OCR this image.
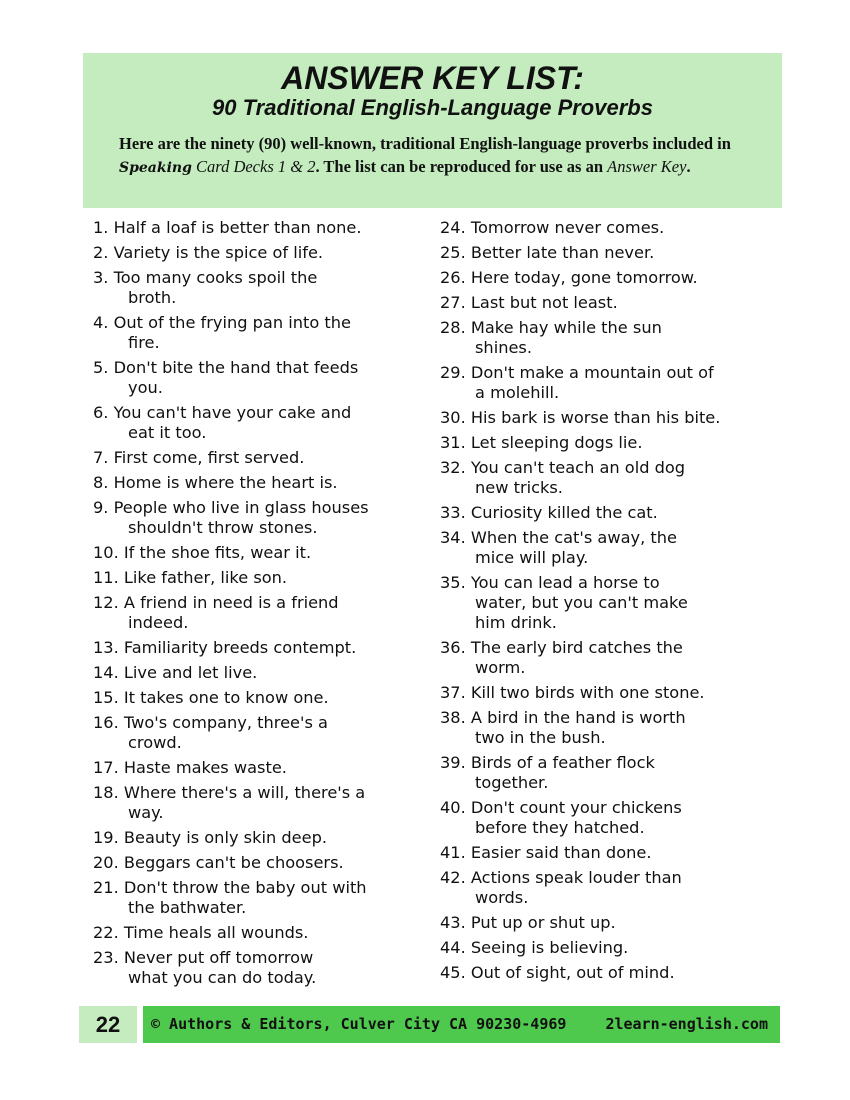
ANSWER KEY LIST:
90 Traditional English-Language Proverbs
Here are the ninety (90) well-known, traditional English-language proverbs included in Speaking Card Decks 1 & 2. The list can be reproduced for use as an Answer Key.
1. Half a loaf is better than none.
2. Variety is the spice of life.
3. Too many cooks spoil the
broth.
4. Out of the frying pan into the
fire.
5. Don't bite the hand that feeds
you.
6. You can't have your cake and
eat it too.
7. First come, first served.
8. Home is where the heart is.
9. People who live in glass houses
shouldn't throw stones.
10. If the shoe fits, wear it.
11. Like father, like son.
12. A friend in need is a friend
indeed.
13. Familiarity breeds contempt.
14. Live and let live.
15. It takes one to know one.
16. Two's company, three's a
crowd.
17. Haste makes waste.
18. Where there's a will, there's a
way.
19. Beauty is only skin deep.
20. Beggars can't be choosers.
21. Don't throw the baby out with
the bathwater.
22. Time heals all wounds.
23. Never put off tomorrow
what you can do today.
24. Tomorrow never comes.
25. Better late than never.
26. Here today, gone tomorrow.
27. Last but not least.
28. Make hay while the sun
shines.
29. Don't make a mountain out of
a molehill.
30. His bark is worse than his bite.
31. Let sleeping dogs lie.
32. You can't teach an old dog
new tricks.
33. Curiosity killed the cat.
34. When the cat's away, the
mice will play.
35. You can lead a horse to
water, but you can't make
him drink.
36. The early bird catches the
worm.
37. Kill two birds with one stone.
38. A bird in the hand is worth
two in the bush.
39. Birds of a feather flock
together.
40. Don't count your chickens
before they hatched.
41. Easier said than done.
42. Actions speak louder than
words.
43. Put up or shut up.
44. Seeing is believing.
45. Out of sight, out of mind.
22	© Authors & Editors, Culver City CA 90230-4969	2learn-english.com
